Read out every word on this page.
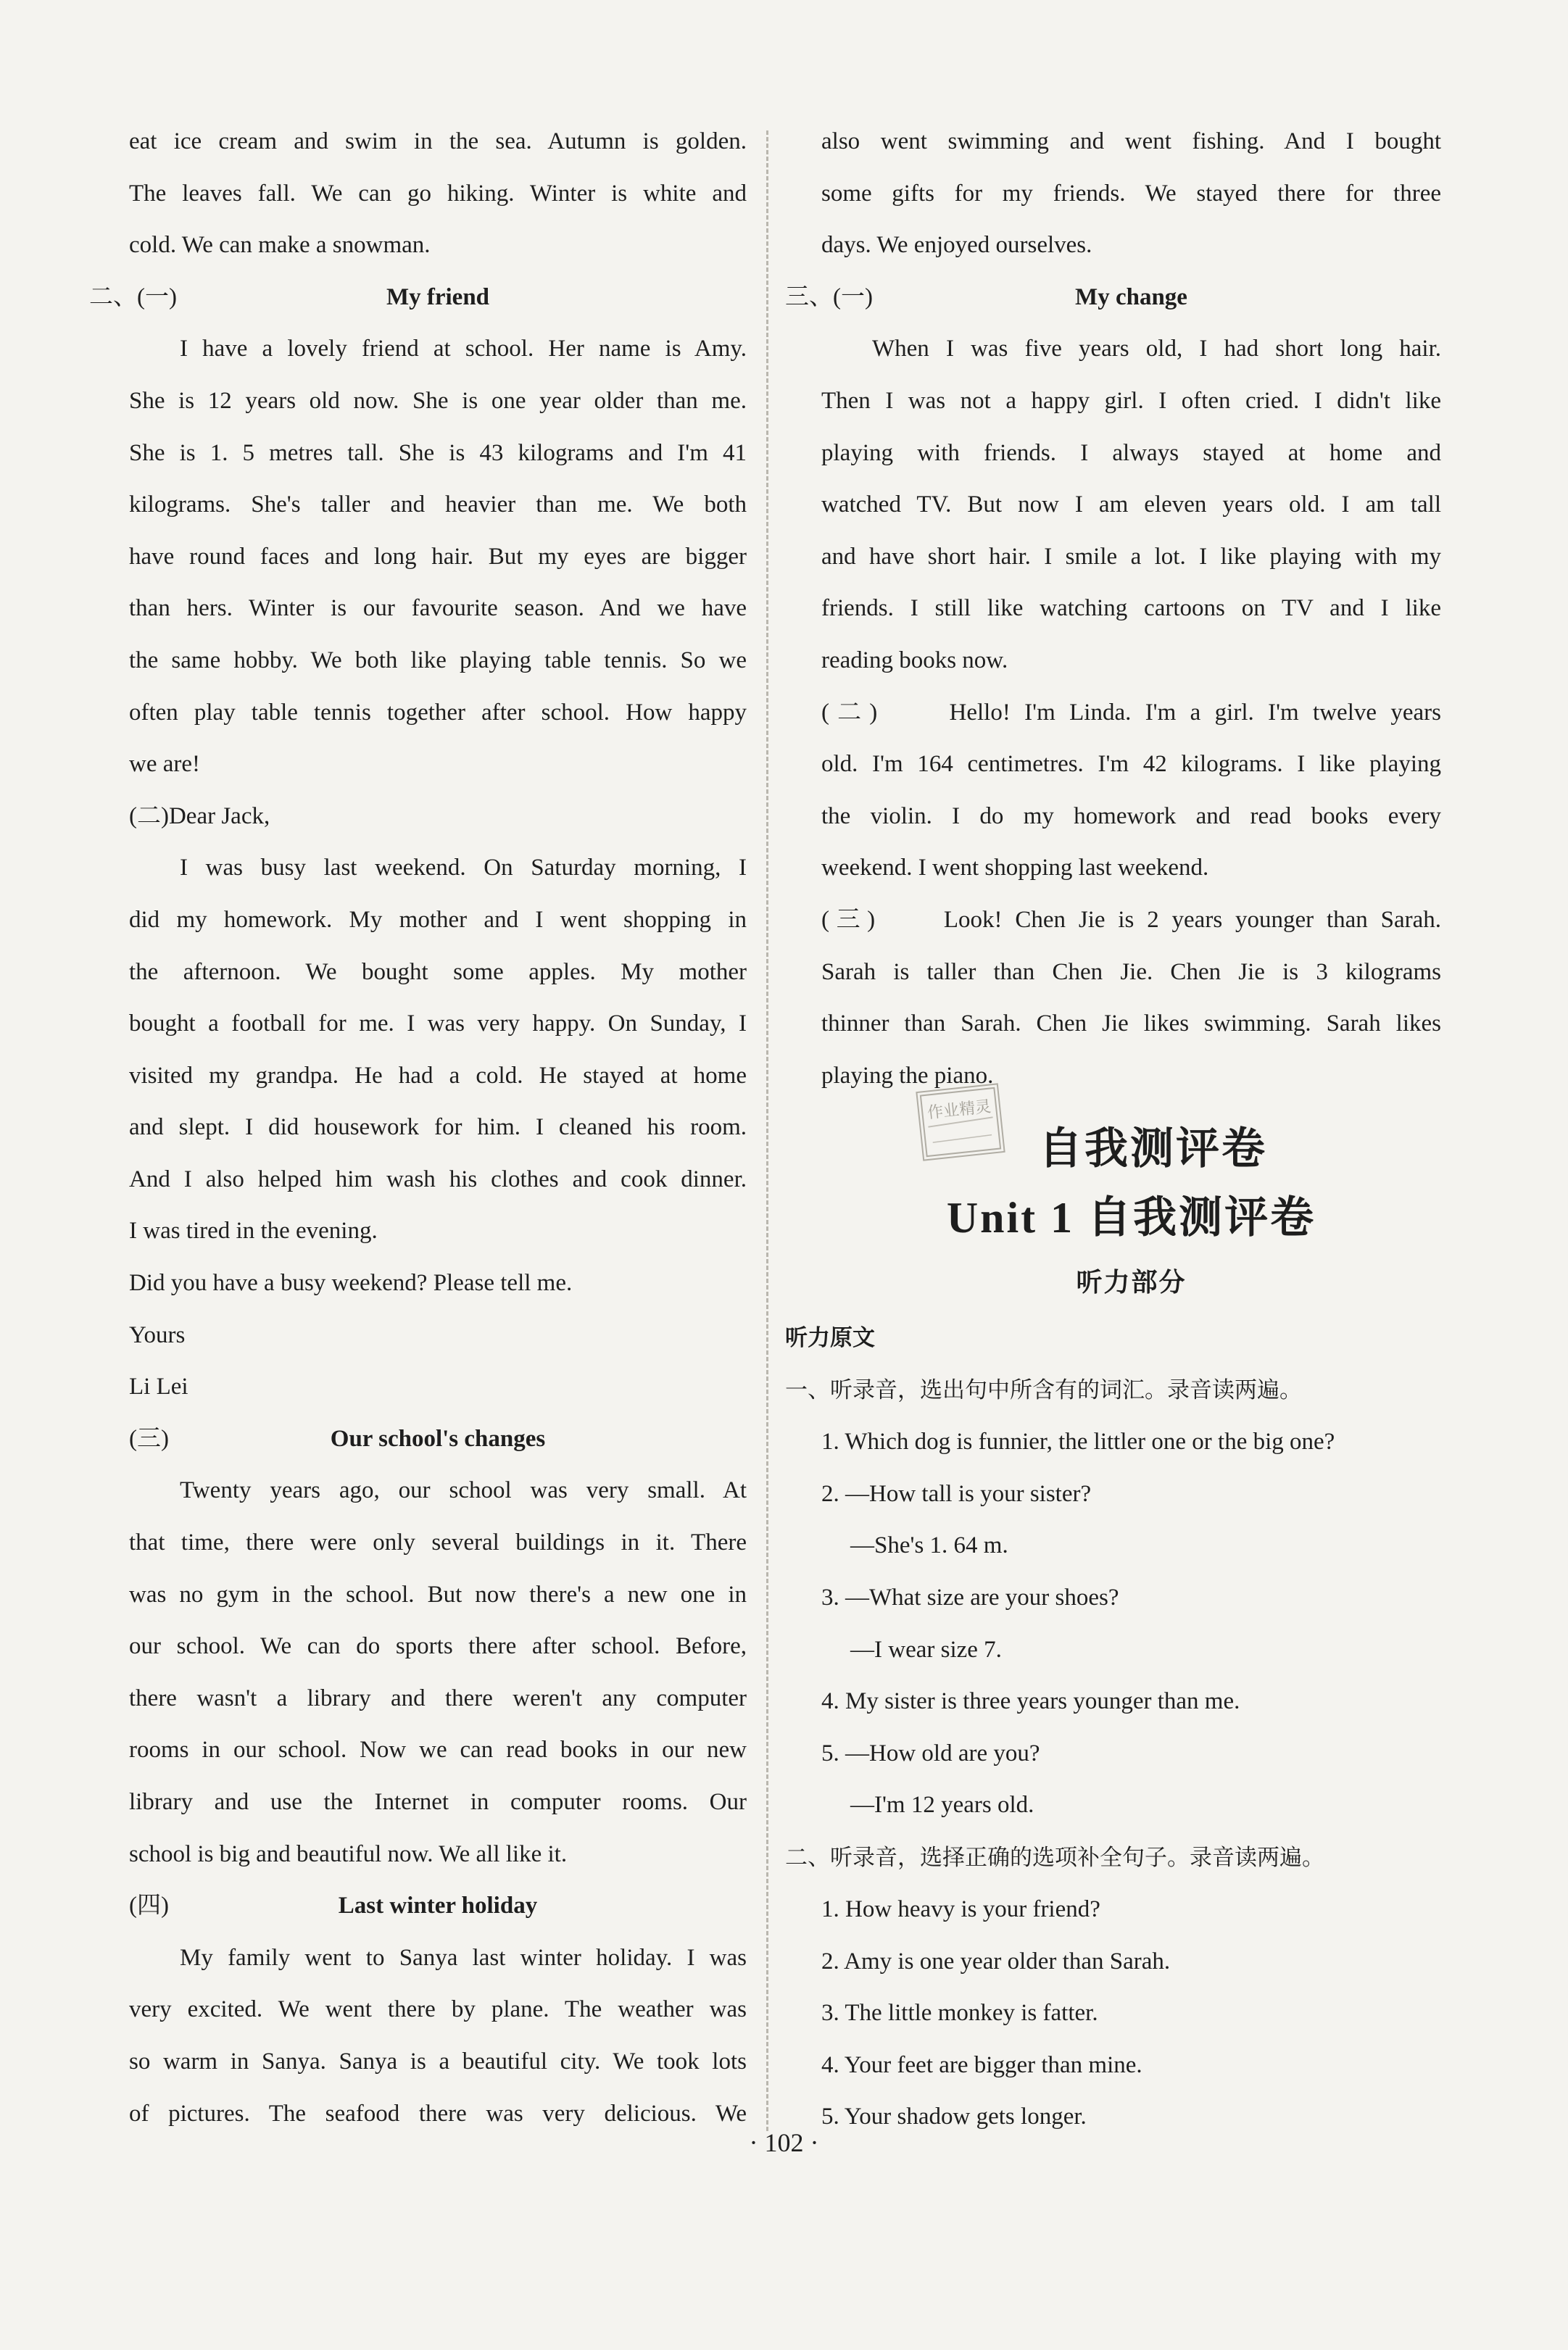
eat ice cream and swim in the sea. Autumn is golden.
The leaves fall. We can go hiking. Winter is white and
cold. We can make a snowman.
二、(一)	My friend
I have a lovely friend at school. Her name is Amy.
She is 12 years old now. She is one year older than me.
She is 1. 5 metres tall. She is 43 kilograms and I'm 41
kilograms. She's taller and heavier than me. We both
have round faces and long hair. But my eyes are bigger
than hers. Winter is our favourite season. And we have
the same hobby. We both like playing table tennis. So we
often play table tennis together after school. How happy
we are!
(二)Dear Jack,
I was busy last weekend. On Saturday morning, I
did my homework. My mother and I went shopping in
the afternoon. We bought some apples. My mother
bought a football for me. I was very happy. On Sunday, I
visited my grandpa. He had a cold. He stayed at home
and slept. I did housework for him. I cleaned his room.
And I also helped him wash his clothes and cook dinner.
I was tired in the evening.
Did you have a busy weekend? Please tell me.
Yours
Li Lei
(三)	Our school's changes
Twenty years ago, our school was very small. At
that time, there were only several buildings in it. There
was no gym in the school. But now there's a new one in
our school. We can do sports there after school. Before,
there wasn't a library and there weren't any computer
rooms in our school. Now we can read books in our new
library and use the Internet in computer rooms. Our
school is big and beautiful now. We all like it.
(四)	Last winter holiday
My family went to Sanya last winter holiday. I was
very excited. We went there by plane. The weather was
so warm in Sanya. Sanya is a beautiful city. We took lots
of pictures. The seafood there was very delicious. We
also went swimming and went fishing. And I bought
some gifts for my friends. We stayed there for three
days. We enjoyed ourselves.
三、(一)	My change
When I was five years old, I had short long hair.
Then I was not a happy girl. I often cried. I didn't like
playing with friends. I always stayed at home and
watched TV. But now I am eleven years old. I am tall
and have short hair. I smile a lot. I like playing with my
friends. I still like watching cartoons on TV and I like
reading books now.
(二)　　Hello! I'm Linda. I'm a girl. I'm twelve years
old. I'm 164 centimetres. I'm 42 kilograms. I like playing
the violin. I do my homework and read books every
weekend. I went shopping last weekend.
(三)　　Look! Chen Jie is 2 years younger than Sarah.
Sarah is taller than Chen Jie. Chen Jie is 3 kilograms
thinner than Sarah. Chen Jie likes swimming. Sarah likes
playing the piano.
自我测评卷
Unit 1 自我测评卷
听力部分
听力原文
一、听录音，选出句中所含有的词汇。录音读两遍。
1. Which dog is funnier, the littler one or the big one?
2. —How tall is your sister?
—She's 1. 64 m.
3. —What size are your shoes?
—I wear size 7.
4. My sister is three years younger than me.
5. —How old are you?
—I'm 12 years old.
二、听录音，选择正确的选项补全句子。录音读两遍。
1. How heavy is your friend?
2. Amy is one year older than Sarah.
3. The little monkey is fatter.
4. Your feet are bigger than mine.
5. Your shadow gets longer.
作业精灵
· 102 ·
